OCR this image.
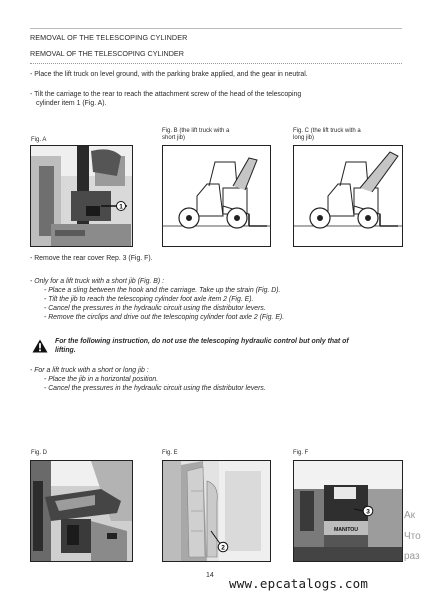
REMOVAL OF THE TELESCOPING CYLINDER
REMOVAL OF THE TELESCOPING CYLINDER
- Place the lift truck on level ground, with the parking brake applied, and the gear in neutral.
- Tilt the carriage to the rear to reach the attachment screw of the head of the telescoping
cylinder item 1 (Fig. A).
Fig. A
Fig. B (the lift truck with a
short jib)
Fig. C (the lift truck with a
long jib)
1
- Remove the rear cover Rep. 3 (Fig. F).
- Only for a lift truck with a short jib (Fig. B) :
- Place a sling between the hook and the carriage. Take up the strain (Fig. D).
- Tilt the jib to reach the telescoping cylinder foot axle item 2 (Fig. E).
- Cancel the pressures in the hydraulic circuit using the distributor levers.
- Remove the circlips and drive out the telescoping cylinder foot axle 2 (Fig. E).
For the following instruction, do not use the telescoping hydraulic control but only that of
lifting.
- For a lift truck with a short or long jib :
- Place the jib in a horizontal position.
- Cancel the pressures in the hydraulic circuit using the distributor levers.
Fig. D	Fig. E	Fig. F
2
MANITOU
3
14
www.epcatalogs.com
Ак
Что
раз
